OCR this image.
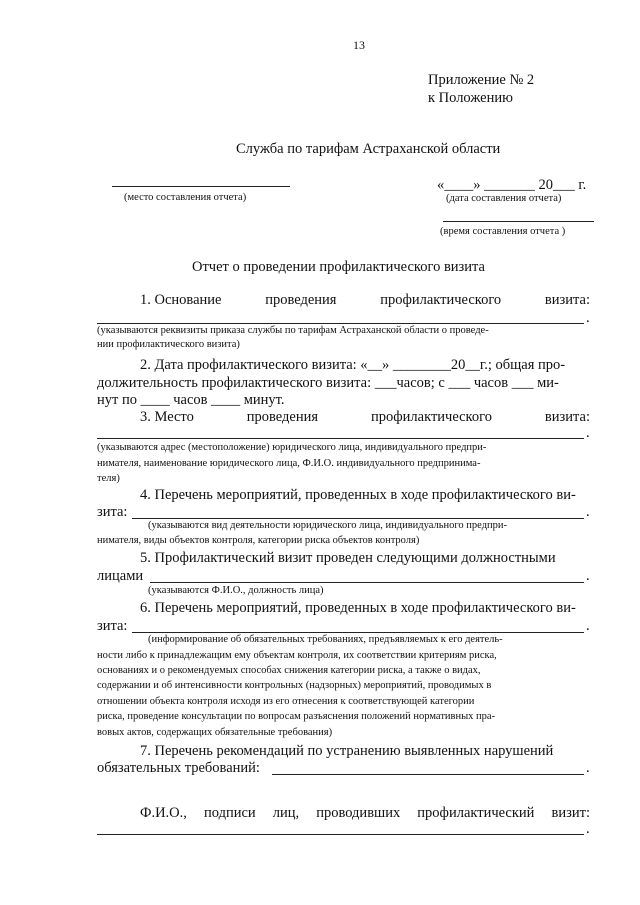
13
Приложение № 2
к Положению
Служба по тарифам Астраханской области
(место составления отчета)
«____» _______ 20___ г.
(дата составления отчета)
(время составления отчета )
Отчет о проведении профилактического визита
1. Основание	проведения	профилактического	визита:
.
(указываются реквизиты приказа службы по тарифам Астраханской области о проведе-
нии профилактического визита)
2. Дата профилактического визита: «__» ________20__г.; общая про-
должительность профилактического визита: ___часов; с ___ часов ___ ми-
нут по ____ часов ____ минут.
3. Место	проведения	профилактического	визита:
.
(указываются адрес (местоположение) юридического лица, индивидуального предпри-
нимателя, наименование юридического лица, Ф.И.О. индивидуального предпринима-
теля)
4. Перечень мероприятий, проведенных в ходе профилактического ви-
зита:	.
(указываются вид деятельности юридического лица, индивидуального предпри-
нимателя, виды объектов контроля, категории риска объектов контроля)
5. Профилактический визит проведен следующими должностными
лицами	.
(указываются Ф.И.О., должность лица)
6. Перечень мероприятий, проведенных в ходе профилактического ви-
зита:	.
(информирование об обязательных требованиях, предъявляемых к его деятель-
ности либо к принадлежащим ему объектам контроля, их соответствии критериям риска,
основаниях и о рекомендуемых способах снижения категории риска, а также о видах,
содержании и об интенсивности контрольных (надзорных) мероприятий, проводимых в
отношении объекта контроля исходя из его отнесения к соответствующей категории
риска, проведение консультации по вопросам разъяснения положений нормативных пра-
вовых актов, содержащих обязательные требования)
7. Перечень рекомендаций по устранению выявленных нарушений
обязательных требований:	.
Ф.И.О., подписи лиц, проводивших профилактический визит:
.
